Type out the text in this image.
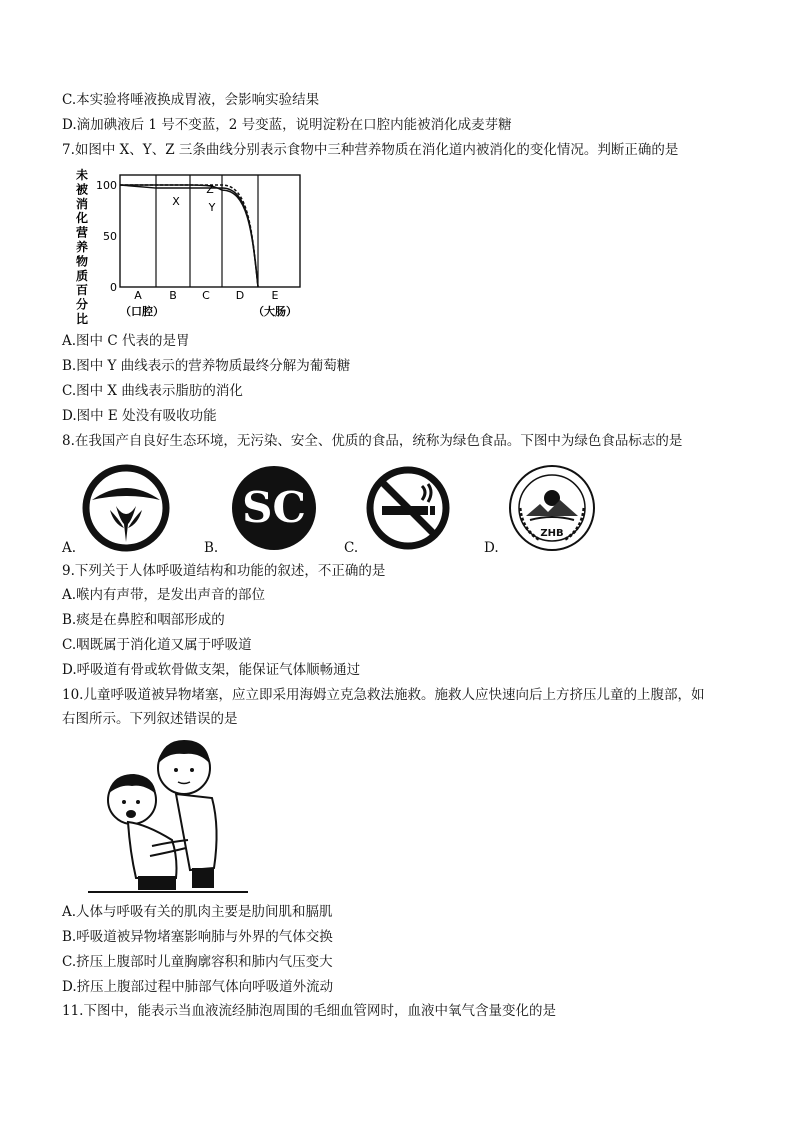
C.本实验将唾液换成胃液，会影响实验结果
D.滴加碘液后 1 号不变蓝，2 号变蓝，说明淀粉在口腔内能被消化成麦芽糖
7.如图中 X、Y、Z 三条曲线分别表示食物中三种营养物质在消化道内被消化的变化情况。判断正确的是
未
被
消
化
营
养
物
质
百
分
比
100
50
0
X	Y
Z
A
（口腔）
B C D E
（大肠）
A.图中 C 代表的是胃
B.图中 Y 曲线表示的营养物质最终分解为葡萄糖
C.图中 X 曲线表示脂肪的消化
D.图中 E 处没有吸收功能
8.在我国产自良好生态环境，无污染、安全、优质的食品，统称为绿色食品。下图中为绿色食品标志的是
SC
ZHB
A.	B.	C.	D.
9.下列关于人体呼吸道结构和功能的叙述，不正确的是
A.喉内有声带，是发出声音的部位
B.痰是在鼻腔和咽部形成的
C.咽既属于消化道又属于呼吸道
D.呼吸道有骨或软骨做支架，能保证气体顺畅通过
10.儿童呼吸道被异物堵塞，应立即采用海姆立克急救法施救。施救人应快速向后上方挤压儿童的上腹部，如
右图所示。下列叙述错误的是
A.人体与呼吸有关的肌肉主要是肋间肌和膈肌
B.呼吸道被异物堵塞影响肺与外界的气体交换
C.挤压上腹部时儿童胸廓容积和肺内气压变大
D.挤压上腹部过程中肺部气体向呼吸道外流动
11.下图中，能表示当血液流经肺泡周围的毛细血管网时，血液中氧气含量变化的是
